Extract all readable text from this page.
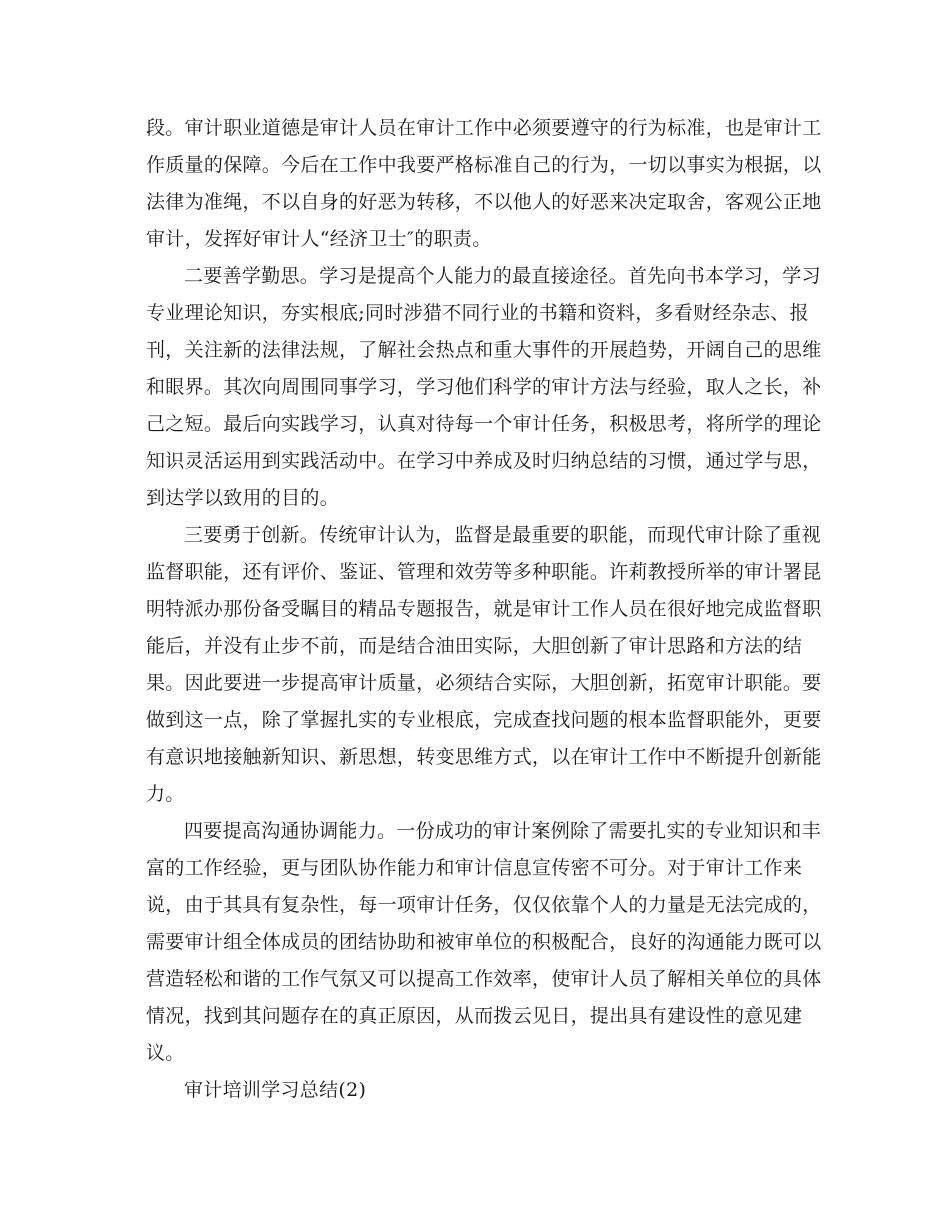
段。审计职业道德是审计人员在审计工作中必须要遵守的行为标准，也是审计工
作质量的保障。今后在工作中我要严格标准自己的行为，一切以事实为根据，以
法律为准绳，不以自身的好恶为转移，不以他人的好恶来决定取舍，客观公正地
审计，发挥好审计人“经济卫士″的职责。
二要善学勤思。学习是提高个人能力的最直接途径。首先向书本学习，学习
专业理论知识，夯实根底;同时涉猎不同行业的书籍和资料，多看财经杂志、报
刊，关注新的法律法规，了解社会热点和重大事件的开展趋势，开阔自己的思维
和眼界。其次向周围同事学习，学习他们科学的审计方法与经验，取人之长，补
己之短。最后向实践学习，认真对待每一个审计任务，积极思考，将所学的理论
知识灵活运用到实践活动中。在学习中养成及时归纳总结的习惯，通过学与思，
到达学以致用的目的。
三要勇于创新。传统审计认为，监督是最重要的职能，而现代审计除了重视
监督职能，还有评价、鉴证、管理和效劳等多种职能。许莉教授所举的审计署昆
明特派办那份备受瞩目的精品专题报告，就是审计工作人员在很好地完成监督职
能后，并没有止步不前，而是结合油田实际，大胆创新了审计思路和方法的结
果。因此要进一步提高审计质量，必须结合实际，大胆创新，拓宽审计职能。要
做到这一点，除了掌握扎实的专业根底，完成查找问题的根本监督职能外，更要
有意识地接触新知识、新思想，转变思维方式，以在审计工作中不断提升创新能
力。
四要提高沟通协调能力。一份成功的审计案例除了需要扎实的专业知识和丰
富的工作经验，更与团队协作能力和审计信息宣传密不可分。对于审计工作来
说，由于其具有复杂性，每一项审计任务，仅仅依靠个人的力量是无法完成的，
需要审计组全体成员的团结协助和被审单位的积极配合，良好的沟通能力既可以
营造轻松和谐的工作气氛又可以提高工作效率，使审计人员了解相关单位的具体
情况，找到其问题存在的真正原因，从而拨云见日，提出具有建设性的意见建
议。
审计培训学习总结(2)
